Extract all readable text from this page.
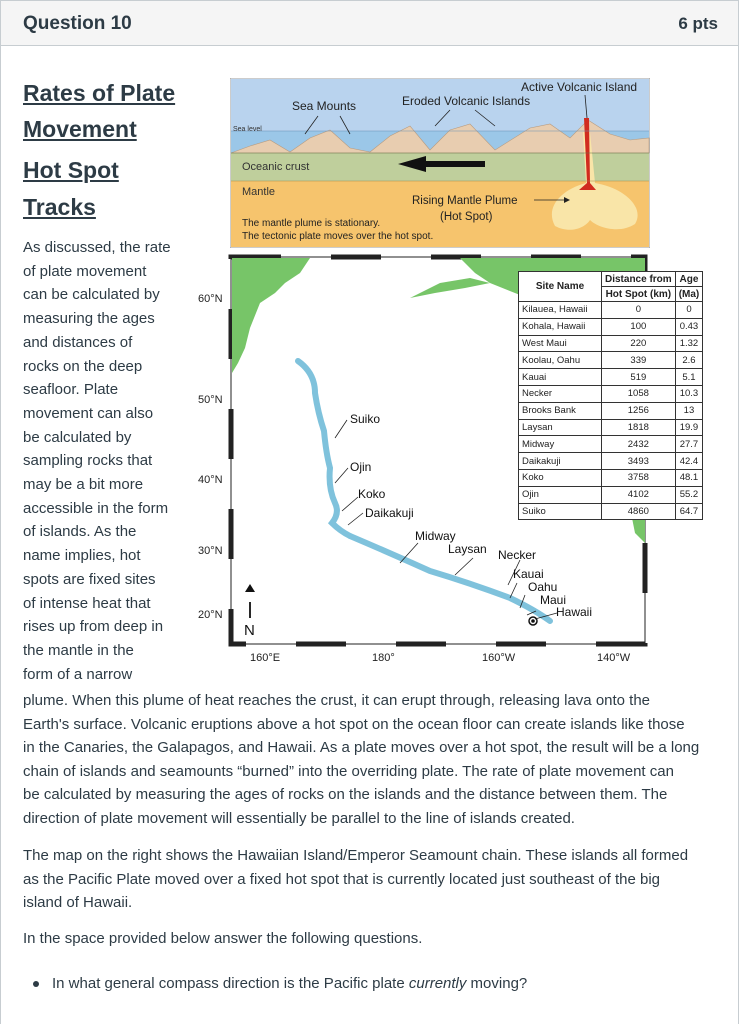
Question 10	6 pts
Rates of Plate
Movement
Hot Spot
Tracks
As discussed, the rate
of plate movement
can be calculated by
measuring the ages
and distances of
rocks on the deep
seafloor. Plate
movement can also
be calculated by
sampling rocks that
may be a bit more
accessible in the form
of islands. As the
name implies, hot
spots are fixed sites
of intense heat that
rises up from deep in
the mantle in the
form of a narrow
Sea Mounts	Eroded Volcanic Islands
Active Volcanic Island
Sea level
Oceanic crust
Mantle
Rising Mantle Plume
(Hot Spot)
The mantle plume is stationary.
The tectonic plate moves over the hot spot.
60°N
50°N
40°N
30°N
20°N
160°E	180°	160°W	140°W
N
Suiko
Ojin
Koko
Daikakuji
Midway
Laysan Necker
Kauai
Oahu
Maui
Hawaii
Site Name	Distance from	Age
	Hot Spot (km)	(Ma)
Kilauea, Hawaii	0	0
Kohala, Hawaii	100	0.43
West Maui	220	1.32
Koolau, Oahu	339	2.6
Kauai	519	5.1
Necker	1058	10.3
Brooks Bank	1256	13
Laysan	1818	19.9
Midway	2432	27.7
Daikakuji	3493	42.4
Koko	3758	48.1
Ojin	4102	55.2
Suiko	4860	64.7
plume. When this plume of heat reaches the crust, it can erupt through, releasing lava onto the
Earth's surface. Volcanic eruptions above a hot spot on the ocean floor can create islands like those
in the Canaries, the Galapagos, and Hawaii. As a plate moves over a hot spot, the result will be a long
chain of islands and seamounts “burned” into the overriding plate. The rate of plate movement can
be calculated by measuring the ages of rocks on the islands and the distance between them. The
direction of plate movement will essentially be parallel to the line of islands created.
The map on the right shows the Hawaiian Island/Emperor Seamount chain. These islands all formed
as the Pacific Plate moved over a fixed hot spot that is currently located just southeast of the big
island of Hawaii.
In the space provided below answer the following questions.
In what general compass direction is the Pacific plate currently moving?
